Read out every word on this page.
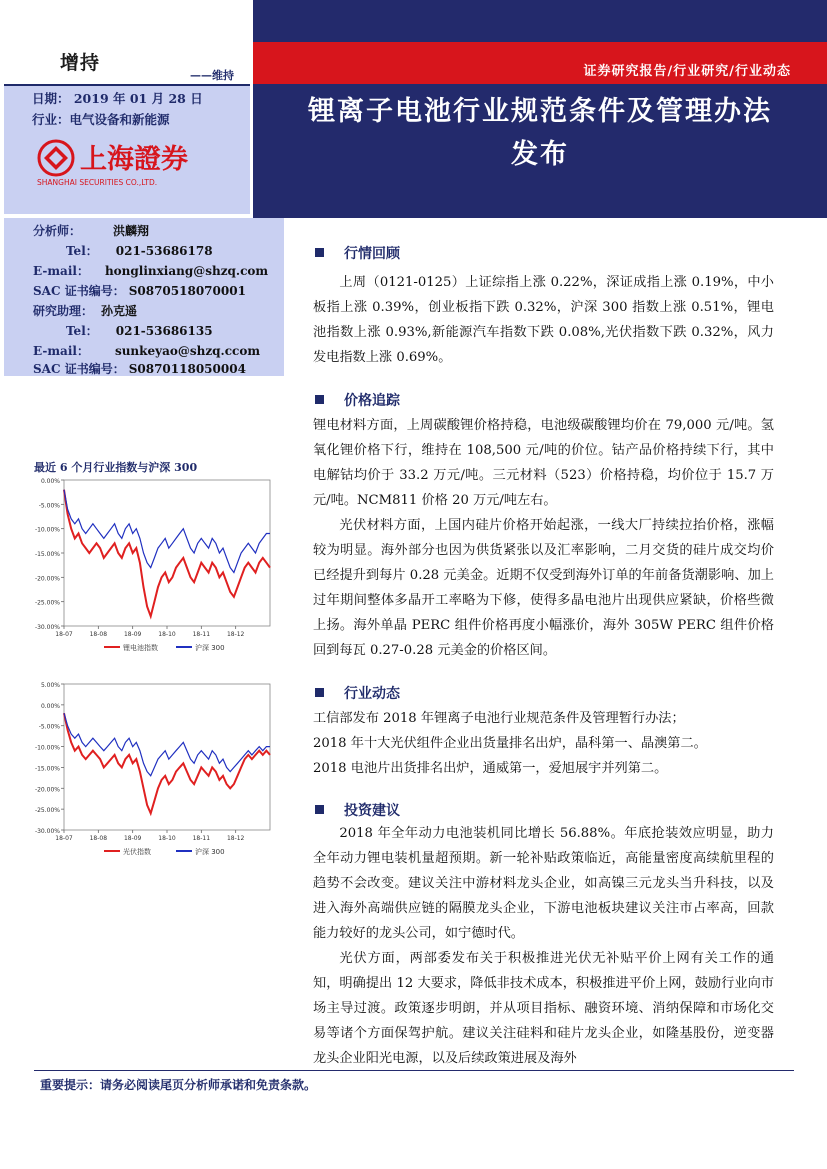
增持
——维持
日期： 2019 年 01 月 28 日
行业：电气设备和新能源
上海證券
SHANGHAI SECURITIES CO.,LTD.
证券研究报告/行业研究/行业动态
锂离子电池行业规范条件及管理办法
发布
分析师：	洪麟翔
Tel： 021-53686178
E-mail： honglinxiang@shzq.com
SAC 证书编号： S0870518070001
研究助理： 孙克遥
Tel： 021-53686135
E-mail： sunkeyao@shzq.ccom
SAC 证书编号： S0870118050004
最近 6 个月行业指数与沪深 300
0.00%
-5.00%
-10.00%
-15.00%
-20.00%
-25.00%
-30.00%
18-07	18-08	18-09	18-10	18-11	18-12
锂电池指数	沪深 300
5.00%
0.00%
-5.00%
-10.00%
-15.00%
-20.00%
-25.00%
-30.00%
18-07	18-08	18-09	18-10	18-11	18-12
光伏指数	沪深 300
行情回顾
上周（0121-0125）上证综指上涨 0.22%，深证成指上涨 0.19%，中小板指上涨 0.39%，创业板指下跌 0.32%，沪深 300 指数上涨 0.51%，锂电池指数上涨 0.93%,新能源汽车指数下跌 0.08%,光伏指数下跌 0.32%，风力发电指数上涨 0.69%。
价格追踪
锂电材料方面，上周碳酸锂价格持稳，电池级碳酸锂均价在 79,000 元/吨。氢氧化锂价格下行，维持在 108,500 元/吨的价位。钴产品价格持续下行，其中电解钴均价于 33.2 万元/吨。三元材料（523）价格持稳，均价位于 15.7 万元/吨。NCM811 价格 20 万元/吨左右。
光伏材料方面，上国内硅片价格开始起涨，一线大厂持续拉抬价格，涨幅较为明显。海外部分也因为供货紧张以及汇率影响，二月交货的硅片成交均价已经提升到每片 0.28 元美金。近期不仅受到海外订单的年前备货潮影响、加上过年期间整体多晶开工率略为下修，使得多晶电池片出现供应紧缺，价格些微上扬。海外单晶 PERC 组件价格再度小幅涨价，海外 305W PERC 组件价格回到每瓦 0.27-0.28 元美金的价格区间。
行业动态
工信部发布 2018 年锂离子电池行业规范条件及管理暂行办法；
2018 年十大光伏组件企业出货量排名出炉，晶科第一、晶澳第二。
2018 电池片出货排名出炉，通威第一，爱旭展宇并列第二。
投资建议
2018 年全年动力电池装机同比增长 56.88%。年底抢装效应明显，助力全年动力锂电装机量超预期。新一轮补贴政策临近，高能量密度高续航里程的趋势不会改变。建议关注中游材料龙头企业，如高镍三元龙头当升科技，以及进入海外高端供应链的隔膜龙头企业，下游电池板块建议关注市占率高，回款能力较好的龙头公司，如宁德时代。
光伏方面，两部委发布关于积极推进光伏无补贴平价上网有关工作的通知，明确提出 12 大要求，降低非技术成本，积极推进平价上网，鼓励行业向市场主导过渡。政策逐步明朗，并从项目指标、融资环境、消纳保障和市场化交易等诸个方面保驾护航。建议关注硅料和硅片龙头企业，如隆基股份，逆变器龙头企业阳光电源，以及后续政策进展及海外
重要提示：请务必阅读尾页分析师承诺和免责条款。
